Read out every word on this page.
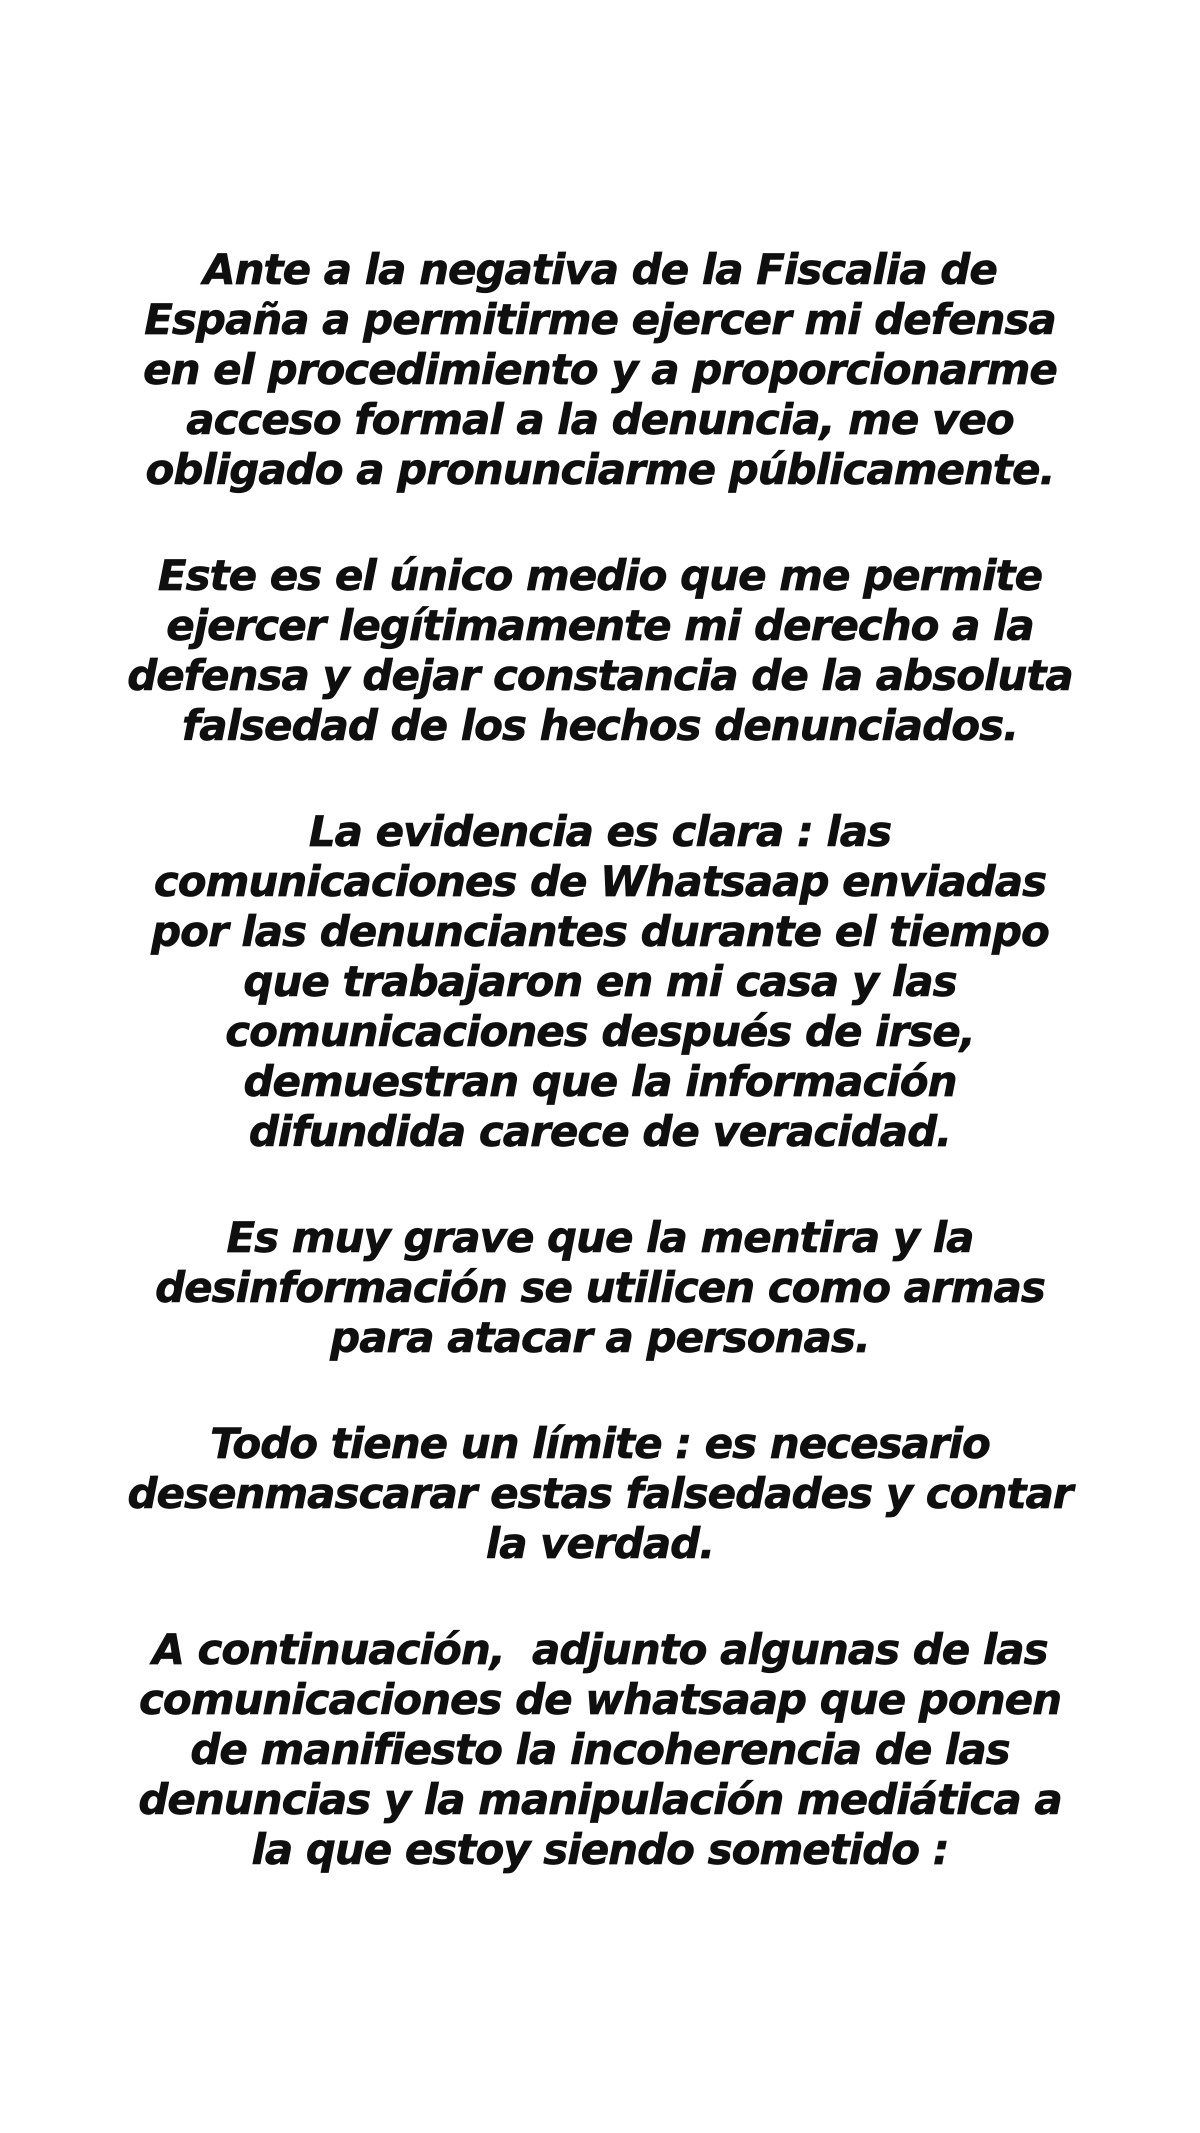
Ante a la negativa de la Fiscalia de
España a permitirme ejercer mi defensa
en el procedimiento y a proporcionarme
acceso formal a la denuncia, me veo
obligado a pronunciarme públicamente.
Este es el único medio que me permite
ejercer legítimamente mi derecho a la
defensa y dejar constancia de la absoluta
falsedad de los hechos denunciados.
La evidencia es clara : las
comunicaciones de Whatsaap enviadas
por las denunciantes durante el tiempo
que trabajaron en mi casa y las
comunicaciones después de irse,
demuestran que la información
difundida carece de veracidad.
Es muy grave que la mentira y la
desinformación se utilicen como armas
para atacar a personas.
Todo tiene un límite : es necesario
desenmascarar estas falsedades y contar
la verdad.
A continuación,  adjunto algunas de las
comunicaciones de whatsaap que ponen
de manifiesto la incoherencia de las
denuncias y la manipulación mediática a
la que estoy siendo sometido :
